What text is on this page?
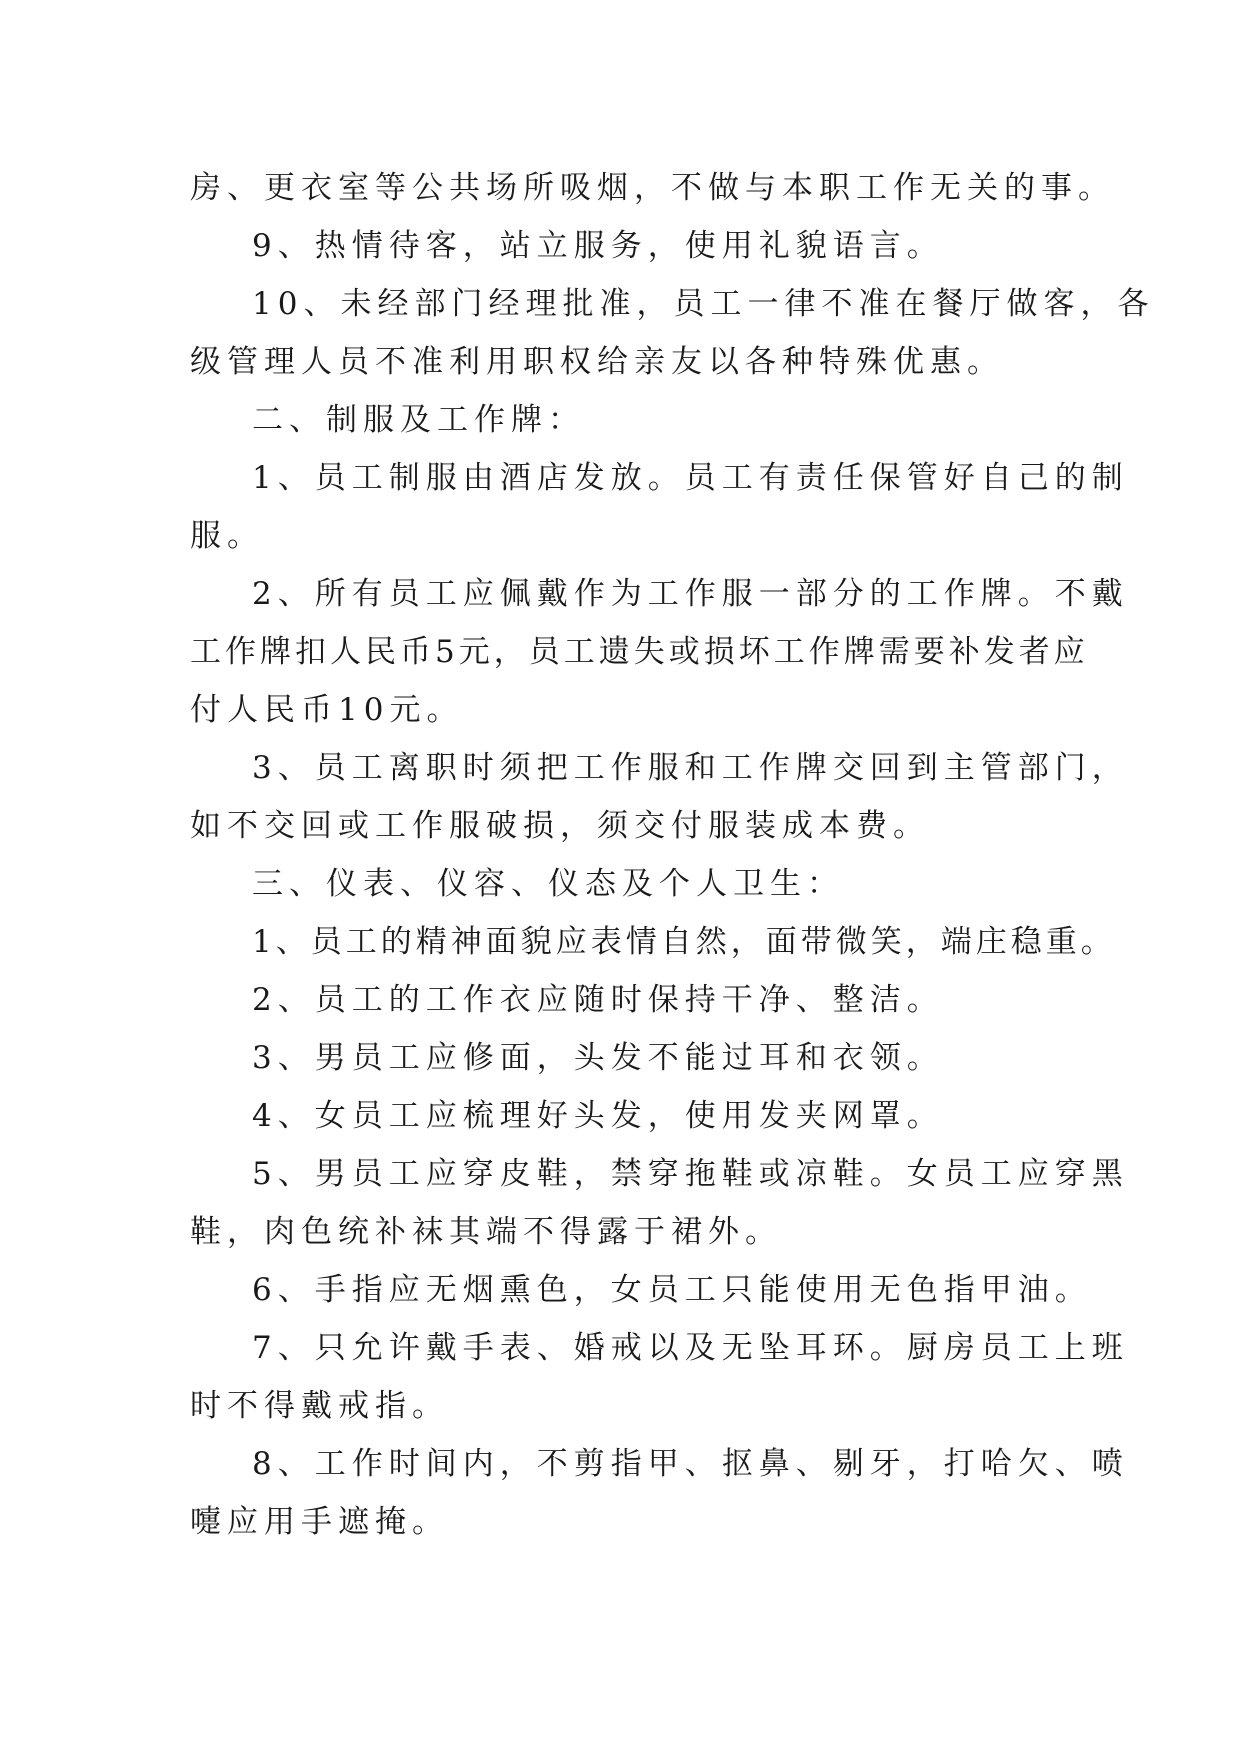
房、更衣室等公共场所吸烟，不做与本职工作无关的事。
9、热情待客，站立服务，使用礼貌语言。
10、未经部门经理批准，员工一律不准在餐厅做客，各
级管理人员不准利用职权给亲友以各种特殊优惠。
二、制服及工作牌：
1、员工制服由酒店发放。员工有责任保管好自己的制
服。
2、所有员工应佩戴作为工作服一部分的工作牌。不戴
工作牌扣人民币5元，员工遗失或损坏工作牌需要补发者应
付人民币10元。
3、员工离职时须把工作服和工作牌交回到主管部门，
如不交回或工作服破损，须交付服装成本费。
三、仪表、仪容、仪态及个人卫生：
1、员工的精神面貌应表情自然，面带微笑，端庄稳重。
2、员工的工作衣应随时保持干净、整洁。
3、男员工应修面，头发不能过耳和衣领。
4、女员工应梳理好头发，使用发夹网罩。
5、男员工应穿皮鞋，禁穿拖鞋或凉鞋。女员工应穿黑
鞋，肉色统补袜其端不得露于裙外。
6、手指应无烟熏色，女员工只能使用无色指甲油。
7、只允许戴手表、婚戒以及无坠耳环。厨房员工上班
时不得戴戒指。
8、工作时间内，不剪指甲、抠鼻、剔牙，打哈欠、喷
嚏应用手遮掩。
